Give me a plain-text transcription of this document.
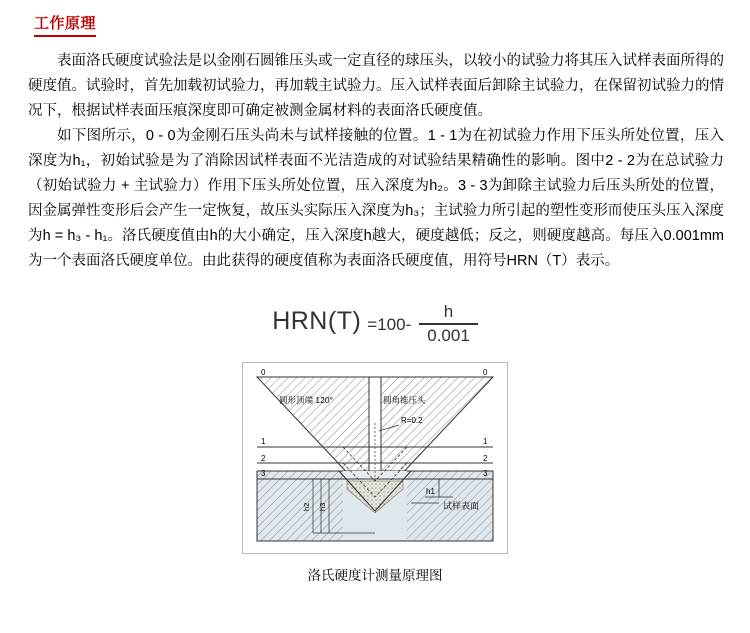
工作原理

表面洛氏硬度试验法是以金刚石圆锥压头或一定直径的球压头，以较小的试验力将其压入试样表面所得的硬度值。试验时，首先加载初试验力，再加载主试验力。压入试样表面后卸除主试验力，在保留初试验力的情况下，根据试样表面压痕深度即可确定被测金属材料的表面洛氏硬度值。

如下图所示，0 - 0为金刚石压头尚未与试样接触的位置。1 - 1为在初试验力作用下压头所处位置，压入深度为h₁，初始试验是为了消除因试样表面不光洁造成的对试验结果精确性的影响。图中2 - 2为在总试验力（初始试验力 + 主试验力）作用下压头所处位置，压入深度为h₂。3 - 3为卸除主试验力后压头所处的位置，因金属弹性变形后会产生一定恢复，故压头实际压入深度为h₃；主试验力所引起的塑性变形而使压头压入深度为h = h₃ - h₁。洛氏硬度值由h的大小确定，压入深度h越大，硬度越低；反之，则硬度越高。每压入0.001mm为一个表面洛氏硬度单位。由此获得的硬度值称为表面洛氏硬度值，用符号HRN（T）表示。

$HRN(T) =100- \frac{h}{0.001}$
0	0
1	1
2	2
3	3
圆形顶端 120°	圆角锥压头
R=0.2
h1
试样表面
h2 h3
洛氏硬度计测量原理图
